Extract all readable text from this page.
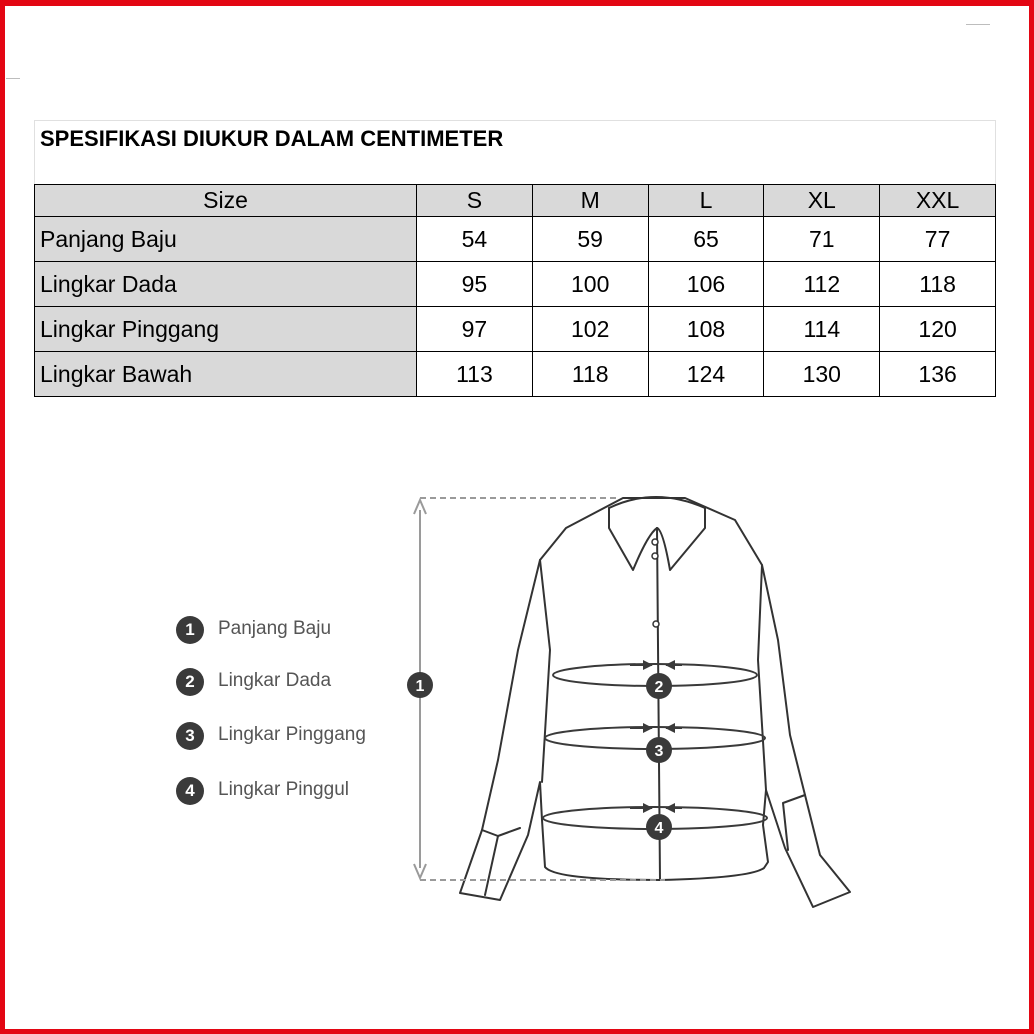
SPESIFIKASI DIUKUR DALAM CENTIMETER
Size	S	M	L	XL	XXL
Panjang Baju	54	59	65	71	77
Lingkar Dada	95	100	106	112	118
Lingkar Pinggang	97	102	108	114	120
Lingkar Bawah	113	118	124	130	136
1	Panjang Baju
2	Lingkar Dada
3	Lingkar Pinggang
4	Lingkar Pinggul
1	2
3
4
